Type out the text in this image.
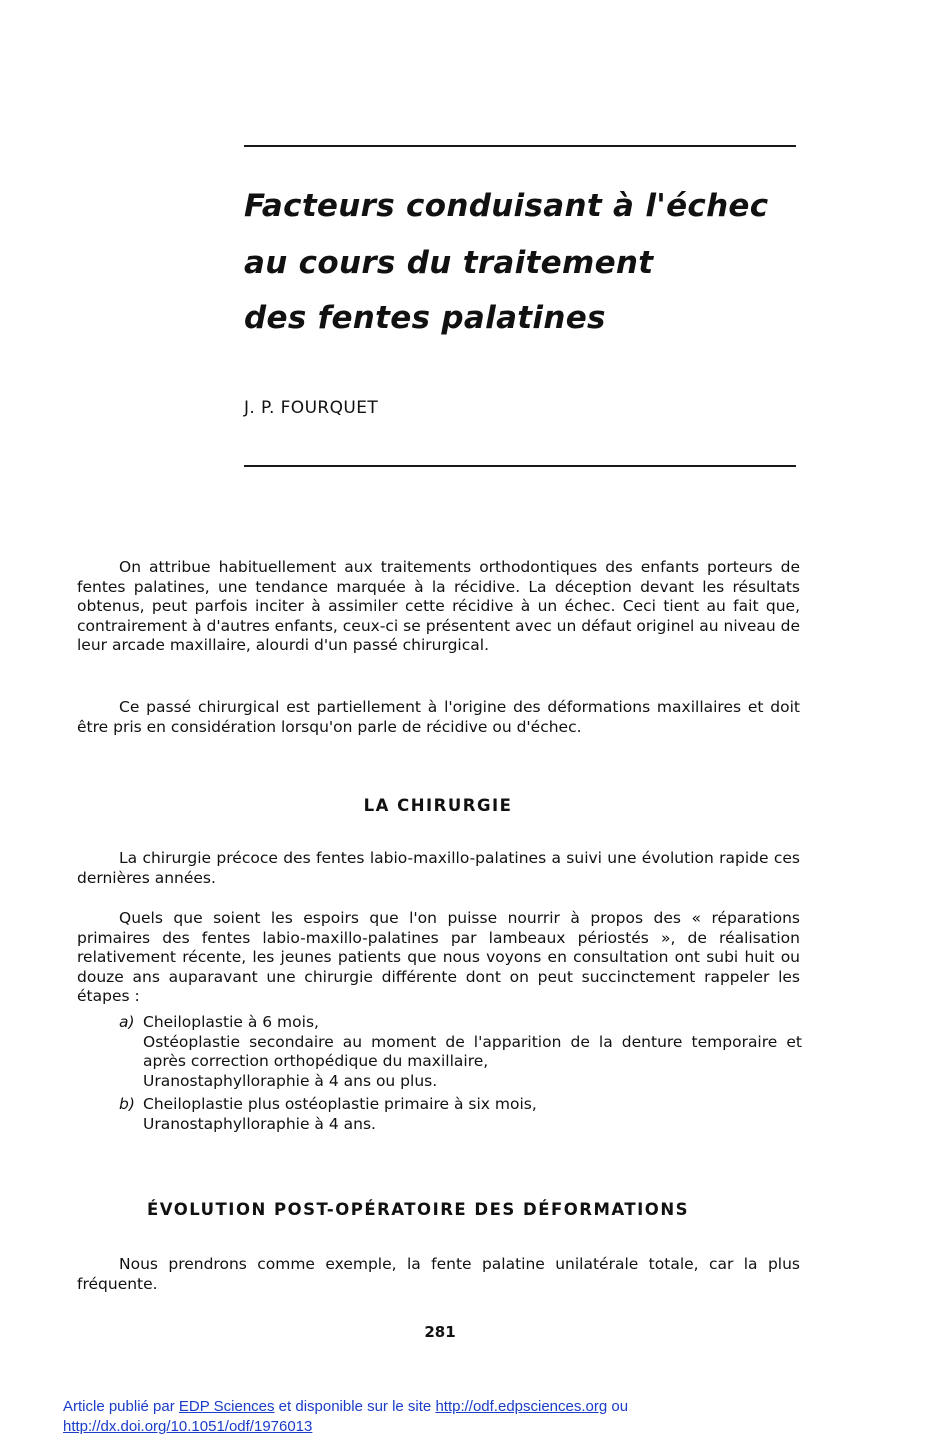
Facteurs conduisant à l'échec
au cours du traitement
des fentes palatines
J. P. FOURQUET

On attribue habituellement aux traitements orthodontiques des enfants porteurs de fentes palatines, une tendance marquée à la récidive. La déception devant les résultats obtenus, peut parfois inciter à assimiler cette récidive à un échec. Ceci tient au fait que, contrairement à d'autres enfants, ceux-ci se présentent avec un défaut originel au niveau de leur arcade maxillaire, alourdi d'un passé chirurgical.

Ce passé chirurgical est partiellement à l'origine des déformations maxillaires et doit être pris en considération lorsqu'on parle de récidive ou d'échec.

LA CHIRURGIE

La chirurgie précoce des fentes labio-maxillo-palatines a suivi une évolution rapide ces dernières années.

Quels que soient les espoirs que l'on puisse nourrir à propos des « réparations primaires des fentes labio-maxillo-palatines par lambeaux périostés », de réalisation relativement récente, les jeunes patients que nous voyons en consultation ont subi huit ou douze ans auparavant une chirurgie différente dont on peut succinctement rappeler les étapes :

a) Cheiloplastie à 6 mois,
Ostéoplastie secondaire au moment de l'apparition de la denture temporaire et après correction orthopédique du maxillaire,
Uranostaphyllorаphie à 4 ans ou plus.
b) Cheiloplastie plus ostéoplastie primaire à six mois,
Uranostaphyllorаphie à 4 ans.
ÉVOLUTION POST-OPÉRATOIRE DES DÉFORMATIONS

Nous prendrons comme exemple, la fente palatine unilatérale totale, car la plus fréquente.

281
Article publié par EDP Sciences et disponible sur le site http://odf.edpsciences.org ou
http://dx.doi.org/10.1051/odf/1976013
